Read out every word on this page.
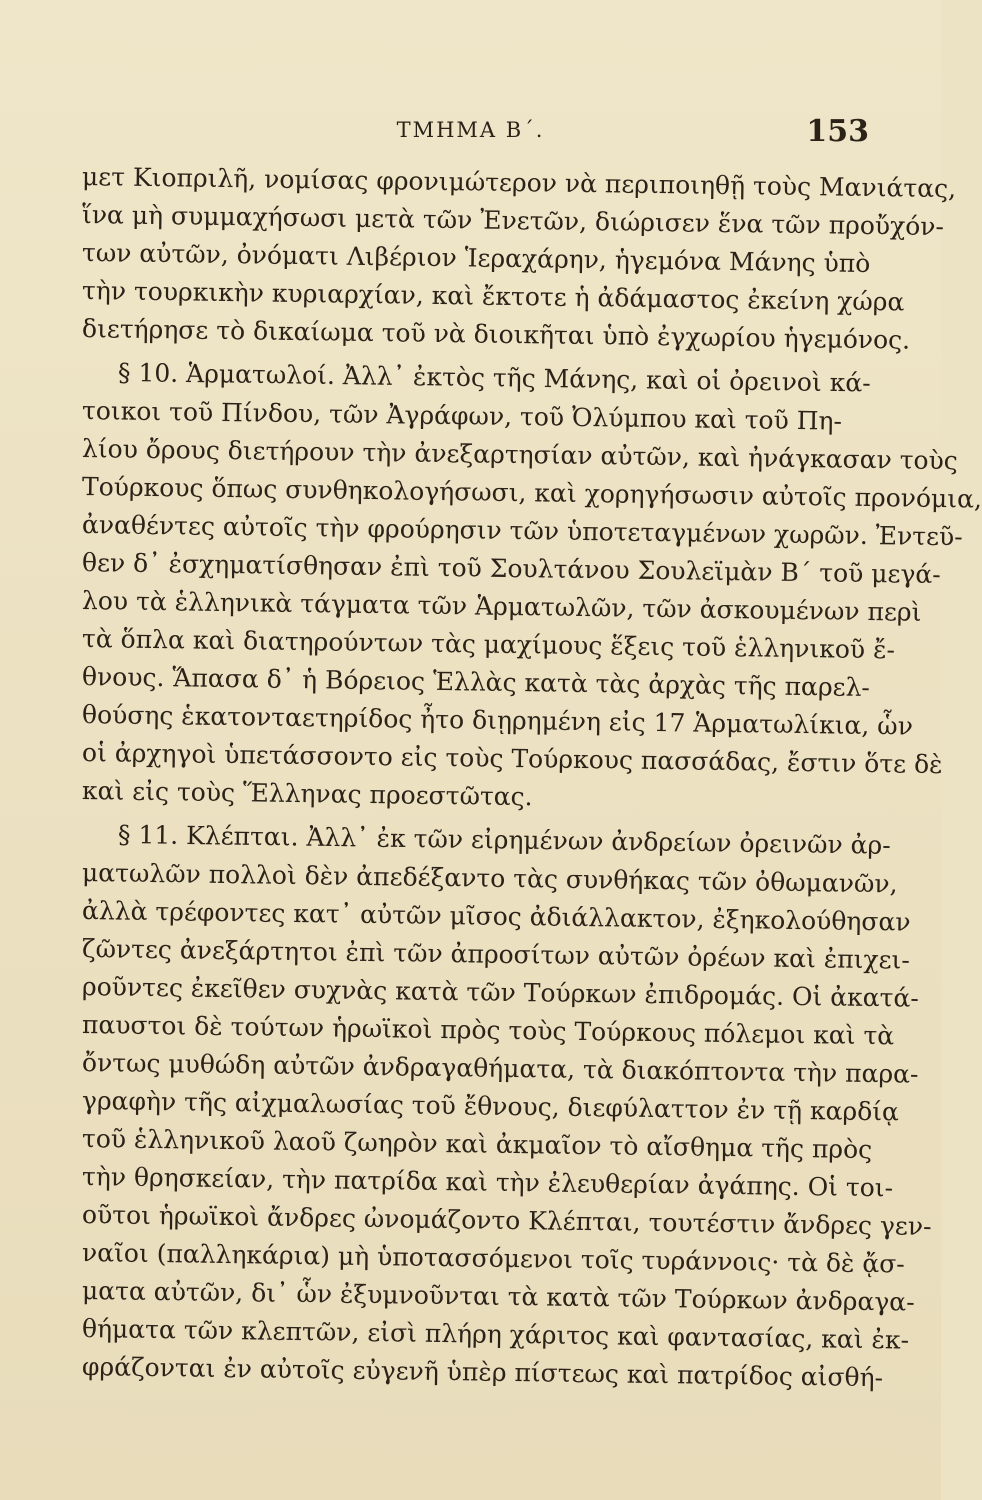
ΤΜΗΜΑ Β΄.	153
μετ Κιοπριλῆ, νομίσας φρονιμώτερον νὰ περιποιηθῇ τοὺς Μανιάτας,
ἵνα μὴ συμμαχήσωσι μετὰ τῶν Ἐνετῶν, διώρισεν ἕνα τῶν προὔχόν-
των αὐτῶν, ὀνόματι Λιβέριον Ἱεραχάρην, ἡγεμόνα Μάνης ὑπὸ
τὴν τουρκικὴν κυριαρχίαν, καὶ ἔκτοτε ἡ ἀδάμαστος ἐκείνη χώρα
διετήρησε τὸ δικαίωμα τοῦ νὰ διοικῆται ὑπὸ ἐγχωρίου ἡγεμόνος.
§ 10. Ἁρματωλοί. Ἀλλ᾽ ἐκτὸς τῆς Μάνης, καὶ οἱ ὀρεινοὶ κά-
τοικοι τοῦ Πίνδου, τῶν Ἀγράφων, τοῦ Ὀλύμπου καὶ τοῦ Πη-
λίου ὄρους διετήρουν τὴν ἀνεξαρτησίαν αὐτῶν, καὶ ἠνάγκασαν τοὺς
Τούρκους ὅπως συνθηκολογήσωσι, καὶ χορηγήσωσιν αὐτοῖς προνόμια,
ἀναθέντες αὐτοῖς τὴν φρούρησιν τῶν ὑποτεταγμένων χωρῶν. Ἐντεῦ-
θεν δ᾽ ἐσχηματίσθησαν ἐπὶ τοῦ Σουλτάνου Σουλεϊμὰν Β΄ τοῦ μεγά-
λου τὰ ἑλληνικὰ τάγματα τῶν Ἁρματωλῶν, τῶν ἀσκουμένων περὶ
τὰ ὅπλα καὶ διατηρούντων τὰς μαχίμους ἕξεις τοῦ ἑλληνικοῦ ἔ-
θνους. Ἅπασα δ᾽ ἡ Βόρειος Ἑλλὰς κατὰ τὰς ἀρχὰς τῆς παρελ-
θούσης ἑκατονταετηρίδος ἦτο διῃρημένη εἰς 17 Ἁρματωλίκια, ὧν
οἱ ἀρχηγοὶ ὑπετάσσοντο εἰς τοὺς Τούρκους πασσάδας, ἔστιν ὅτε δὲ
καὶ εἰς τοὺς Ἕλληνας προεστῶτας.
§ 11. Κλέπται. Ἀλλ᾽ ἐκ τῶν εἰρημένων ἀνδρείων ὀρεινῶν ἀρ-
ματωλῶν πολλοὶ δὲν ἀπεδέξαντο τὰς συνθήκας τῶν ὀθωμανῶν,
ἀλλὰ τρέφοντες κατ᾽ αὐτῶν μῖσος ἀδιάλλακτον, ἐξηκολούθησαν
ζῶντες ἀνεξάρτητοι ἐπὶ τῶν ἀπροσίτων αὐτῶν ὀρέων καὶ ἐπιχει-
ροῦντες ἐκεῖθεν συχνὰς κατὰ τῶν Τούρκων ἐπιδρομάς. Οἱ ἀκατά-
παυστοι δὲ τούτων ἡρωϊκοὶ πρὸς τοὺς Τούρκους πόλεμοι καὶ τὰ
ὄντως μυθώδη αὐτῶν ἀνδραγαθήματα, τὰ διακόπτοντα τὴν παρα-
γραφὴν τῆς αἰχμαλωσίας τοῦ ἔθνους, διεφύλαττον ἐν τῇ καρδίᾳ
τοῦ ἑλληνικοῦ λαοῦ ζωηρὸν καὶ ἀκμαῖον τὸ αἴσθημα τῆς πρὸς
τὴν θρησκείαν, τὴν πατρίδα καὶ τὴν ἐλευθερίαν ἀγάπης. Οἱ τοι-
οῦτοι ἡρωϊκοὶ ἄνδρες ὠνομάζοντο Κλέπται, τουτέστιν ἄνδρες γεν-
ναῖοι (παλληκάρια) μὴ ὑποτασσόμενοι τοῖς τυράννοις· τὰ δὲ ᾄσ-
ματα αὐτῶν, δι᾽ ὧν ἐξυμνοῦνται τὰ κατὰ τῶν Τούρκων ἀνδραγα-
θήματα τῶν κλεπτῶν, εἰσὶ πλήρη χάριτος καὶ φαντασίας, καὶ ἐκ-
φράζονται ἐν αὐτοῖς εὐγενῆ ὑπὲρ πίστεως καὶ πατρίδος αἰσθή-
